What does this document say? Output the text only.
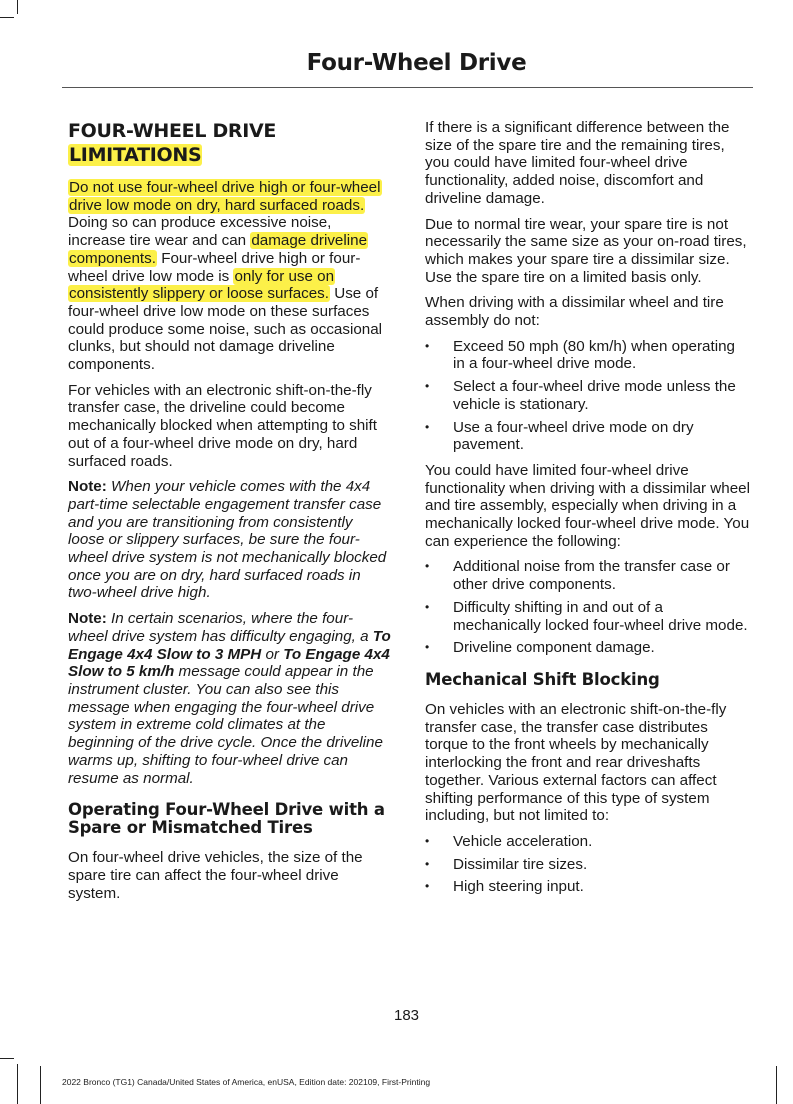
Four-Wheel Drive
FOUR-WHEEL DRIVE
LIMITATIONS

Do not use four-wheel drive high or four-wheel drive low mode on dry, hard surfaced roads. Doing so can produce excessive noise, increase tire wear and can damage driveline components. Four-wheel drive high or four-wheel drive low mode is only for use on consistently slippery or loose surfaces. Use of four-wheel drive low mode on these surfaces could produce some noise, such as occasional clunks, but should not damage driveline components.

For vehicles with an electronic shift-on-the-fly transfer case, the driveline could become mechanically blocked when attempting to shift out of a four-wheel drive mode on dry, hard surfaced roads.

Note: When your vehicle comes with the 4x4 part-time selectable engagement transfer case and you are transitioning from consistently loose or slippery surfaces, be sure the four-wheel drive system is not mechanically blocked once you are on dry, hard surfaced roads in two-wheel drive high.

Note: In certain scenarios, where the four-wheel drive system has difficulty engaging, a To Engage 4x4 Slow to 3 MPH or To Engage 4x4 Slow to 5 km/h message could appear in the instrument cluster. You can also see this message when engaging the four-wheel drive system in extreme cold climates at the beginning of the drive cycle. Once the driveline warms up, shifting to four-wheel drive can resume as normal.

Operating Four-Wheel Drive with a Spare or Mismatched Tires

On four-wheel drive vehicles, the size of the spare tire can affect the four-wheel drive system.

If there is a significant difference between the size of the spare tire and the remaining tires, you could have limited four-wheel drive functionality, added noise, discomfort and driveline damage.

Due to normal tire wear, your spare tire is not necessarily the same size as your on-road tires, which makes your spare tire a dissimilar size. Use the spare tire on a limited basis only.

When driving with a dissimilar wheel and tire assembly do not:

• Exceed 50 mph (80 km/h) when operating in a four-wheel drive mode.
• Select a four-wheel drive mode unless the vehicle is stationary.
• Use a four-wheel drive mode on dry pavement.

You could have limited four-wheel drive functionality when driving with a dissimilar wheel and tire assembly, especially when driving in a mechanically locked four-wheel drive mode. You can experience the following:

• Additional noise from the transfer case or other drive components.
• Difficulty shifting in and out of a mechanically locked four-wheel drive mode.
• Driveline component damage.
Mechanical Shift Blocking

On vehicles with an electronic shift-on-the-fly transfer case, the transfer case distributes torque to the front wheels by mechanically interlocking the front and rear driveshafts together. Various external factors can affect shifting performance of this type of system including, but not limited to:

• Vehicle acceleration.
• Dissimilar tire sizes.
• High steering input.
183
2022 Bronco (TG1) Canada/United States of America, enUSA, Edition date: 202109, First-Printing
